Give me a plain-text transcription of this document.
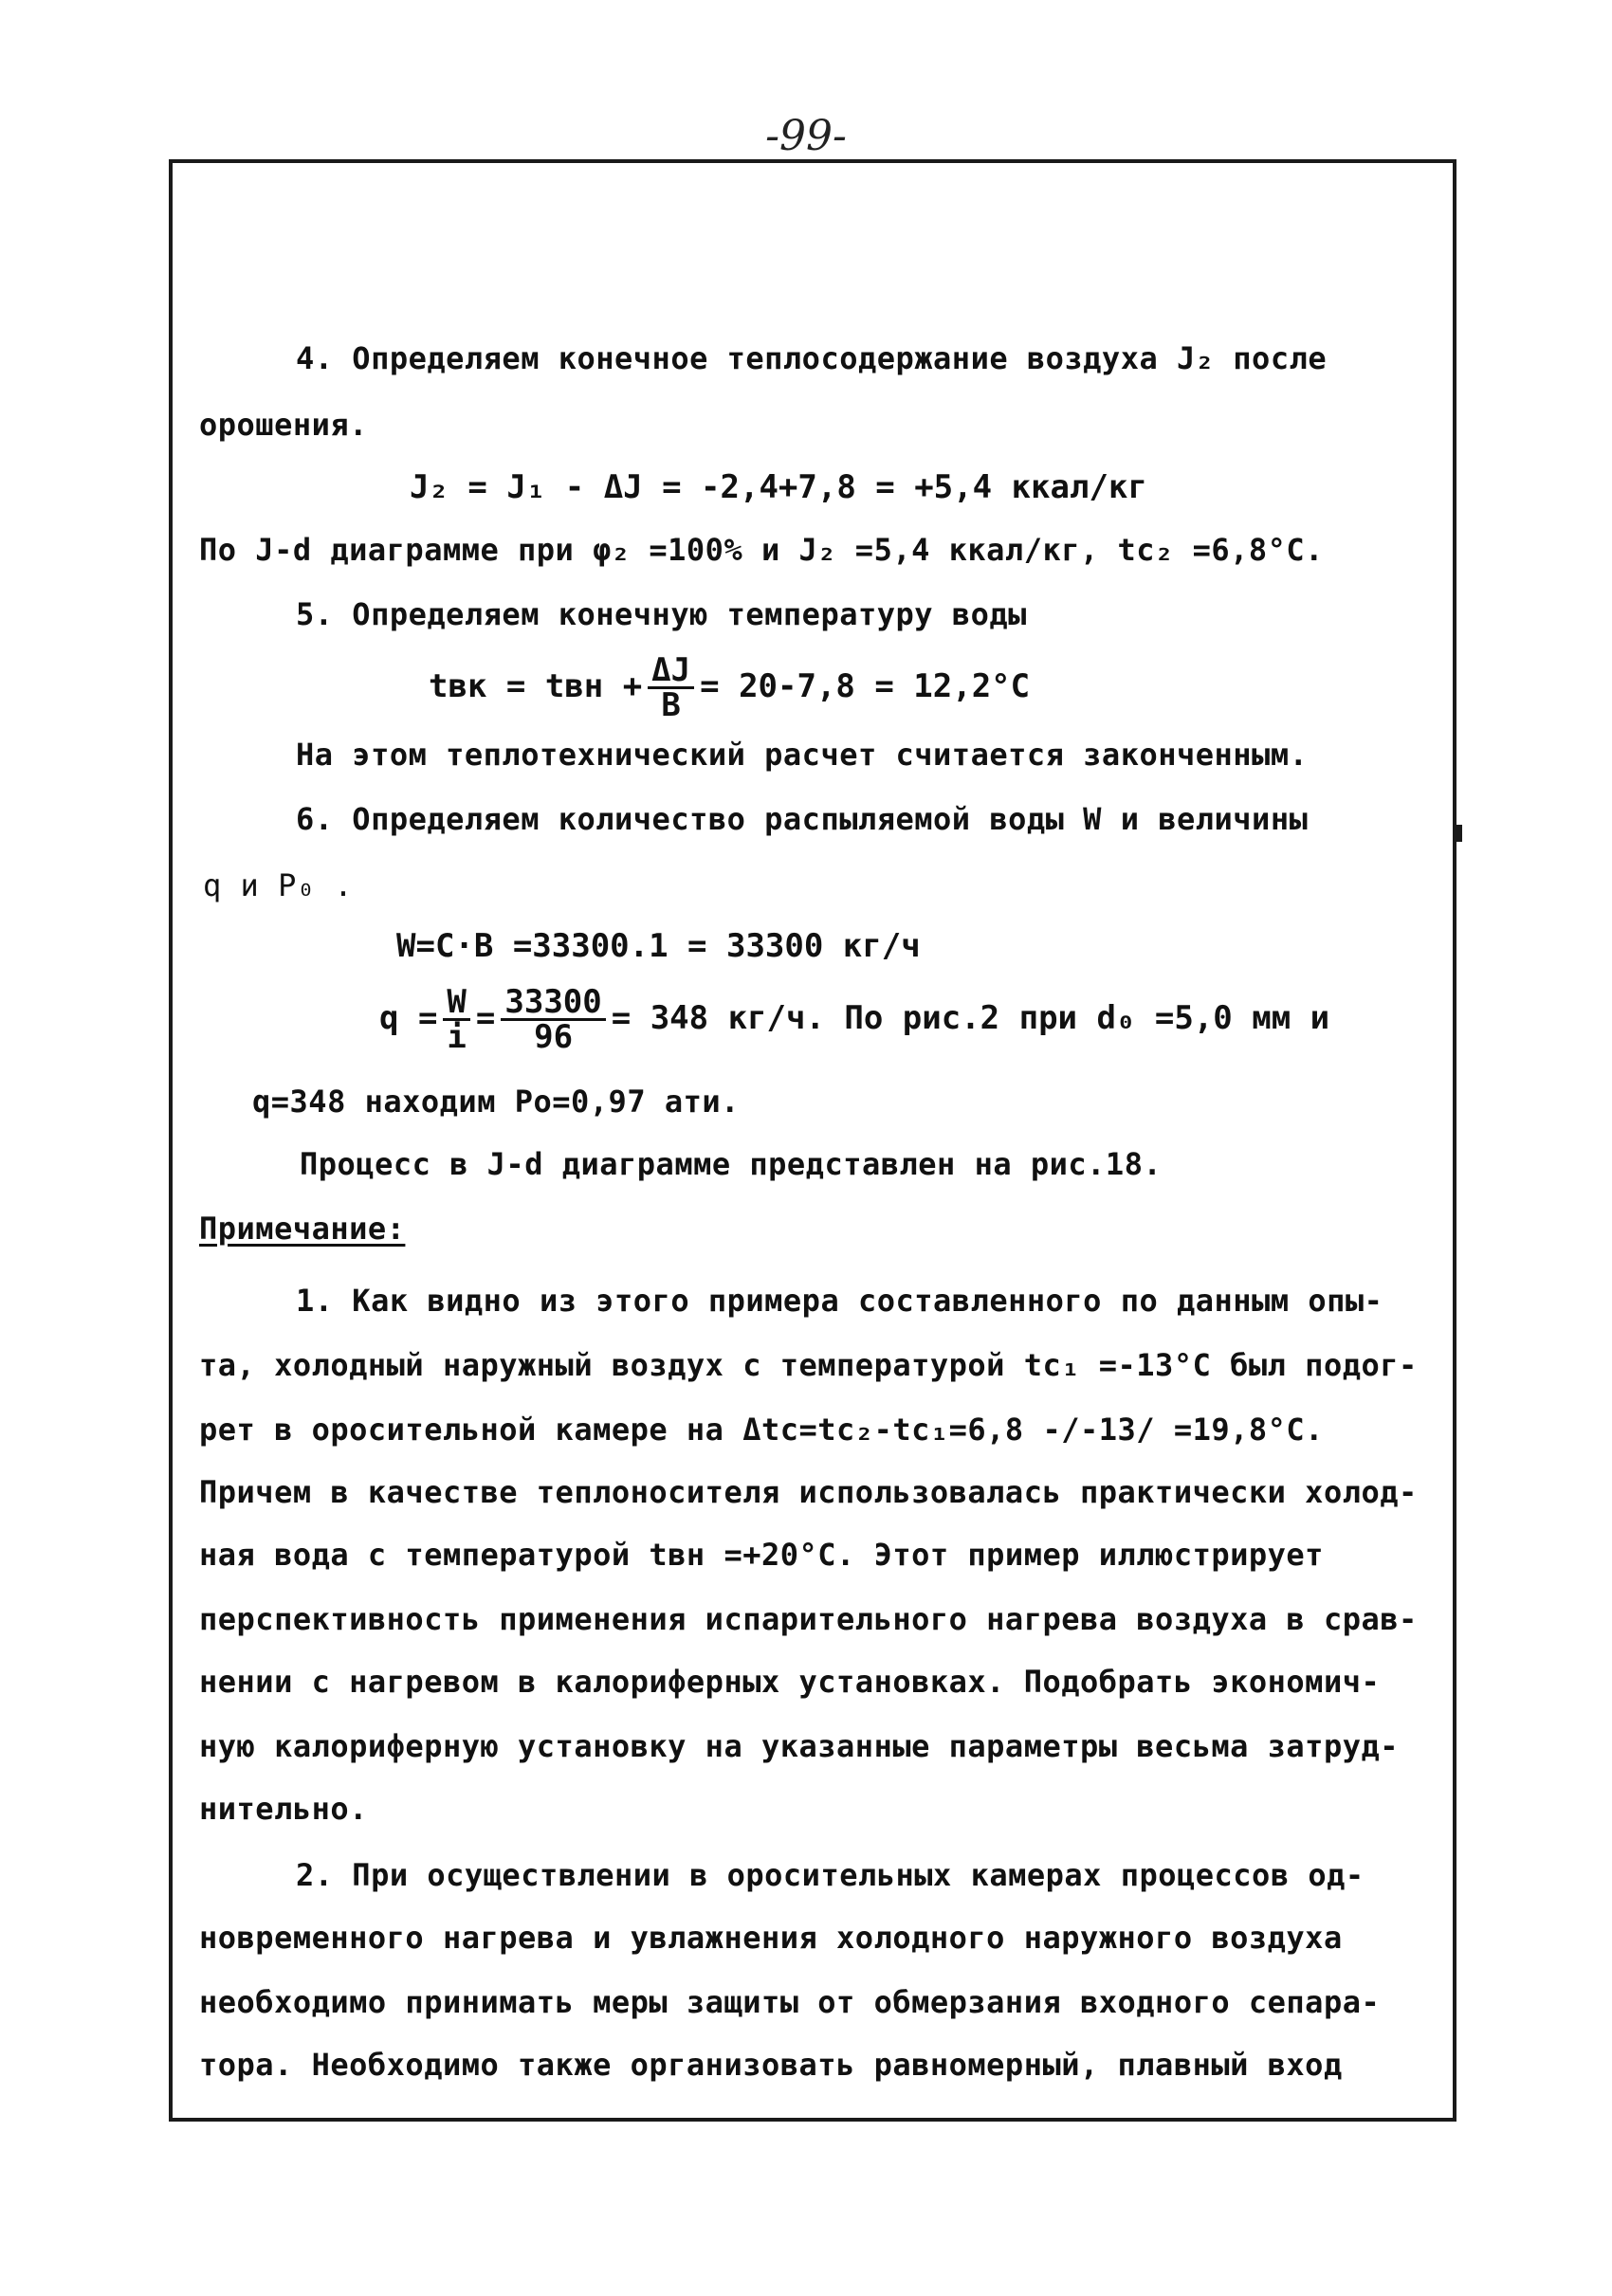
-99-
4. Определяем конечное теплосодержание воздуха J₂ после
орошения.
J₂ = J₁ - ΔJ = -2,4+7,8 = +5,4 ккал/кг
По J-d диаграмме при φ₂ =100% и J₂ =5,4 ккал/кг, tс₂ =6,8°C.
5. Определяем конечную температуру воды
tвк = tвн + $\frac{\Delta J}{B} = 20-7,8 = 12,2^\circ C$
На этом теплотехнический расчет считается законченным.
6. Определяем количество распыляемой воды W и величины
q и P₀ .
W=C·B =33300.1 = 33300 кг/ч
$q = \frac{W}{i} = \frac{33300}{96} = 348$ кг/ч. По рис.2 при d₀ =5,0 мм и
q=348 находим Po=0,97 ати.
Процесс в J-d диаграмме представлен на рис.18.
Примечание:
1. Как видно из этого примера составленного по данным опы-
та, холодный наружный воздух с температурой tс₁ =-13°C был подог-
рет в оросительной камере на Δtс=tс₂-tс₁=6,8 -/-13/ =19,8°C.
Причем в качестве теплоносителя использовалась практически холод-
ная вода с температурой tвн =+20°C. Этот пример иллюстрирует
перспективность применения испарительного нагрева воздуха в срав-
нении с нагревом в калориферных установках. Подобрать экономич-
ную калориферную установку на указанные параметры весьма затруд-
нительно.
2. При осуществлении в оросительных камерах процессов од-
новременного нагрева и увлажнения холодного наружного воздуха
необходимо принимать меры защиты от обмерзания входного сепара-
тора. Необходимо также организовать равномерный, плавный вход
